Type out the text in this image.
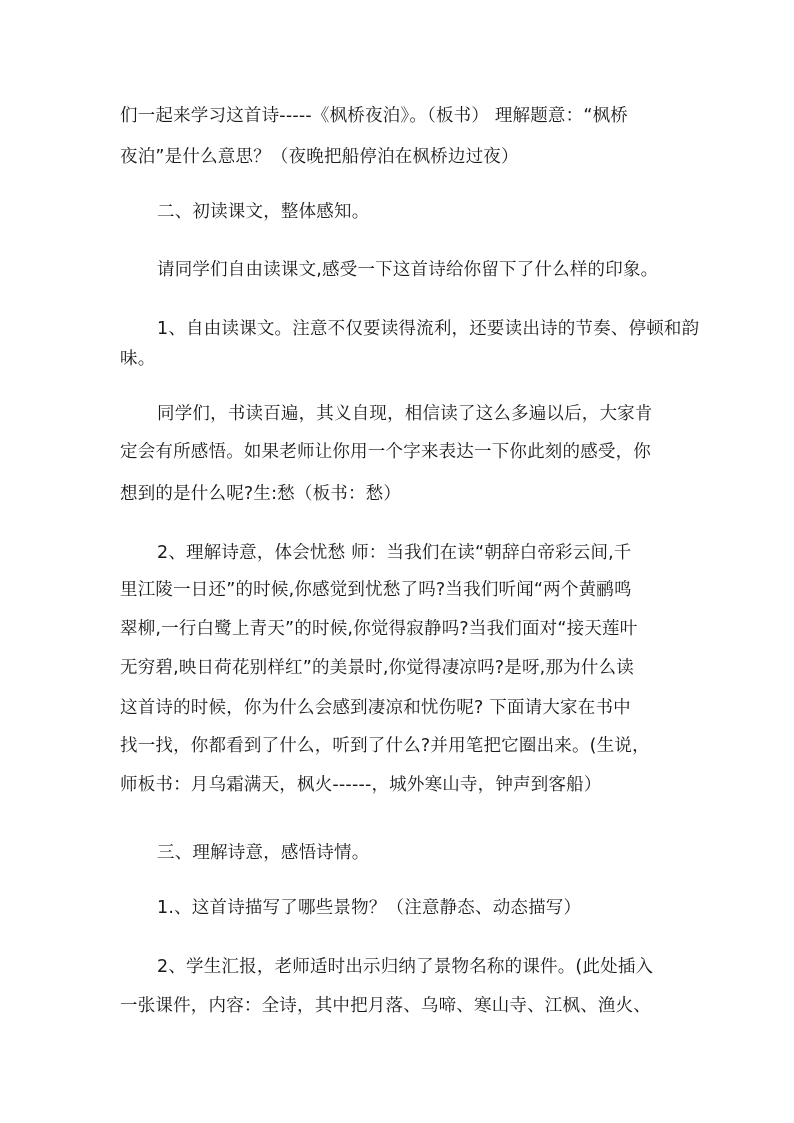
们一起来学习这首诗-----《枫桥夜泊》。（板书） 理解题意：“枫桥
夜泊”是什么意思？（夜晚把船停泊在枫桥边过夜）
二、初读课文，整体感知。
请同学们自由读课文,感受一下这首诗给你留下了什么样的印象。
1、自由读课文。注意不仅要读得流利，还要读出诗的节奏、停顿和韵
味。
同学们，书读百遍，其义自现，相信读了这么多遍以后，大家肯
定会有所感悟。如果老师让你用一个字来表达一下你此刻的感受，你
想到的是什么呢?生:愁（板书：愁）
2、理解诗意，体会忧愁 师：当我们在读“朝辞白帝彩云间,千
里江陵一日还”的时候,你感觉到忧愁了吗?当我们听闻“两个黄鹂鸣
翠柳,一行白鹭上青天”的时候,你觉得寂静吗?当我们面对“接天莲叶
无穷碧,映日荷花别样红”的美景时,你觉得凄凉吗?是呀,那为什么读
这首诗的时候，你为什么会感到凄凉和忧伤呢? 下面请大家在书中
找一找，你都看到了什么，听到了什么?并用笔把它圈出来。(生说，
师板书：月乌霜满天，枫火------，城外寒山寺，钟声到客船）
三、理解诗意，感悟诗情。
1.、这首诗描写了哪些景物？（注意静态、动态描写）
2、学生汇报，老师适时出示归纳了景物名称的课件。(此处插入
一张课件，内容：全诗，其中把月落、乌啼、寒山寺、江枫、渔火、
